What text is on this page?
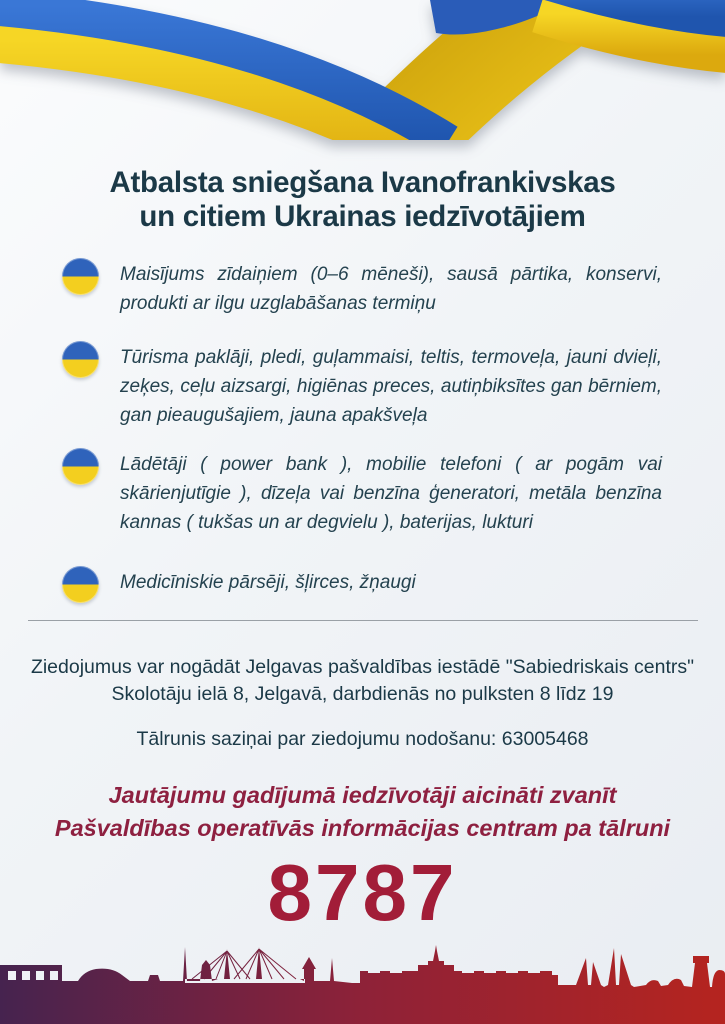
Atbalsta sniegšana Ivanofrankivskas
un citiem Ukrainas iedzīvotājiem

Maisījums zīdaiņiem (0–6 mēneši), sausā pārtika, konservi, produkti ar ilgu uzglabāšanas termiņu

Tūrisma paklāji, pledi, guļammaisi, teltis, termoveļa, jauni dvieļi, zeķes, ceļu aizsargi, higiēnas preces, autiņbiksītes gan bērniem, gan pieaugušajiem, jauna apakšveļa

Lādētāji ( power bank ), mobilie telefoni ( ar pogām vai skārienjutīgie ), dīzeļa vai benzīna ģeneratori, metāla benzīna kannas ( tukšas un ar degvielu ), baterijas, lukturi

Medicīniskie pārsēji, šļirces, žņaugi

Ziedojumus var nogādāt Jelgavas pašvaldības iestādē "Sabiedriskais centrs"
Skolotāju ielā 8, Jelgavā, darbdienās no pulksten 8 līdz 19
Tālrunis saziņai par ziedojumu nodošanu: 63005468
Jautājumu gadījumā iedzīvotāji aicināti zvanīt
Pašvaldības operatīvās informācijas centram pa tālruni
8787
